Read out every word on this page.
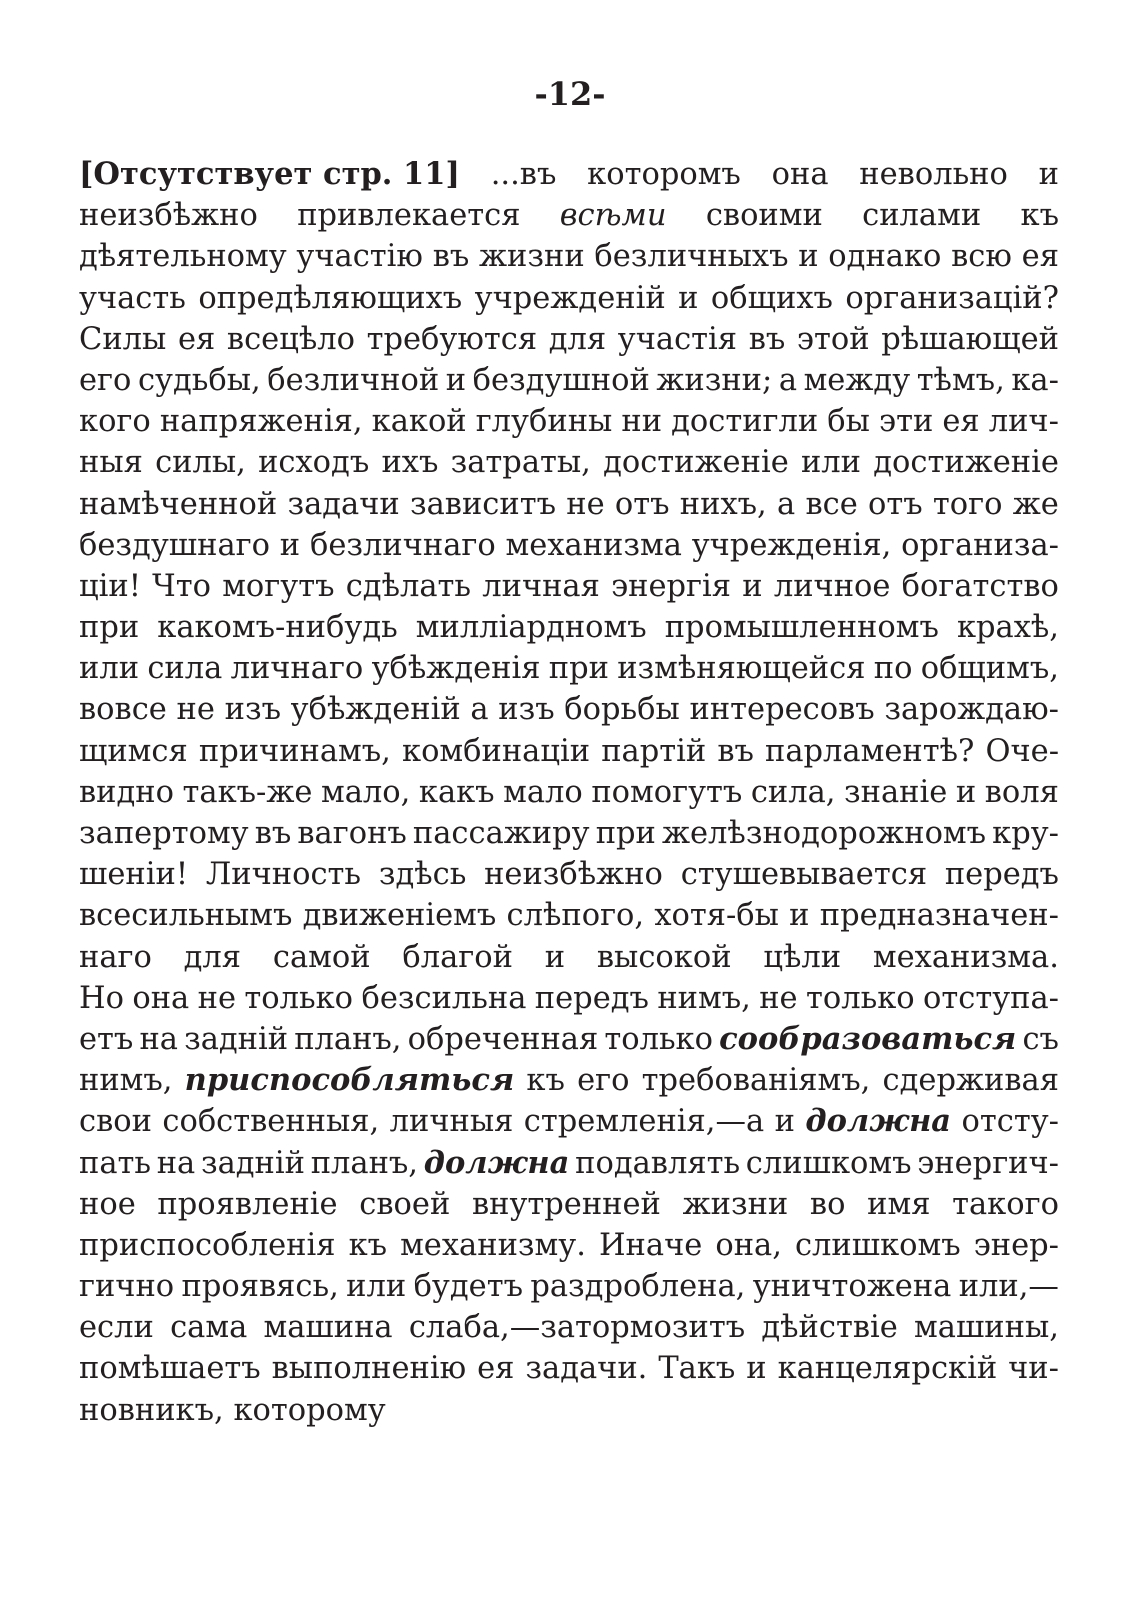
-12-
[Отсутствует стр. 11] ...въ которомъ она невольно и
неизбѣжно привлекается всѣми своими силами къ
дѣятельному участію въ жизни безличныхъ и однако всю ея
участь опредѣляющихъ учрежденій и общихъ организацій?
Силы ея всецѣло требуются для участія въ этой рѣшающей
его судьбы, безличной и бездушной жизни; а между тѣмъ, ка-
кого напряженія, какой глубины ни достигли бы эти ея лич-
ныя силы, исходъ ихъ затраты, достиженіе или достиженіе
намѣченной задачи зависитъ не отъ нихъ, а все отъ того же
бездушнаго и безличнаго механизма учрежденія, организа-
ціи! Что могутъ сдѣлать личная энергія и личное богатство
при какомъ-нибудь милліардномъ промышленномъ крахѣ,
или сила личнаго убѣжденія при измѣняющейся по общимъ,
вовсе не изъ убѣжденій а изъ борьбы интересовъ зарождаю-
щимся причинамъ, комбинаціи партій въ парламентѣ? Оче-
видно такъ-же мало, какъ мало помогутъ сила, знаніе и воля
запертому въ вагонъ пассажиру при желѣзнодорожномъ кру-
шеніи! Личность здѣсь неизбѣжно стушевывается передъ
всесильнымъ движеніемъ слѣпого, хотя-бы и предназначен-
наго для самой благой и высокой цѣли механизма.
Но она не только безсильна передъ нимъ, не только отступа-
етъ на задній планъ, обреченная только сообразоваться съ
нимъ, приспособляться къ его требованіямъ, сдерживая
свои собственныя, личныя стремленія,—а и должна отсту-
пать на задній планъ, должна подавлять слишкомъ энергич-
ное проявленіе своей внутренней жизни во имя такого
приспособленія къ механизму. Иначе она, слишкомъ энер-
гично проявясь, или будетъ раздроблена, уничтожена или,—
если сама машина слаба,—затормозитъ дѣйствіе машины,
помѣшаетъ выполненію ея задачи. Такъ и канцелярскій чи-
новникъ, которому
